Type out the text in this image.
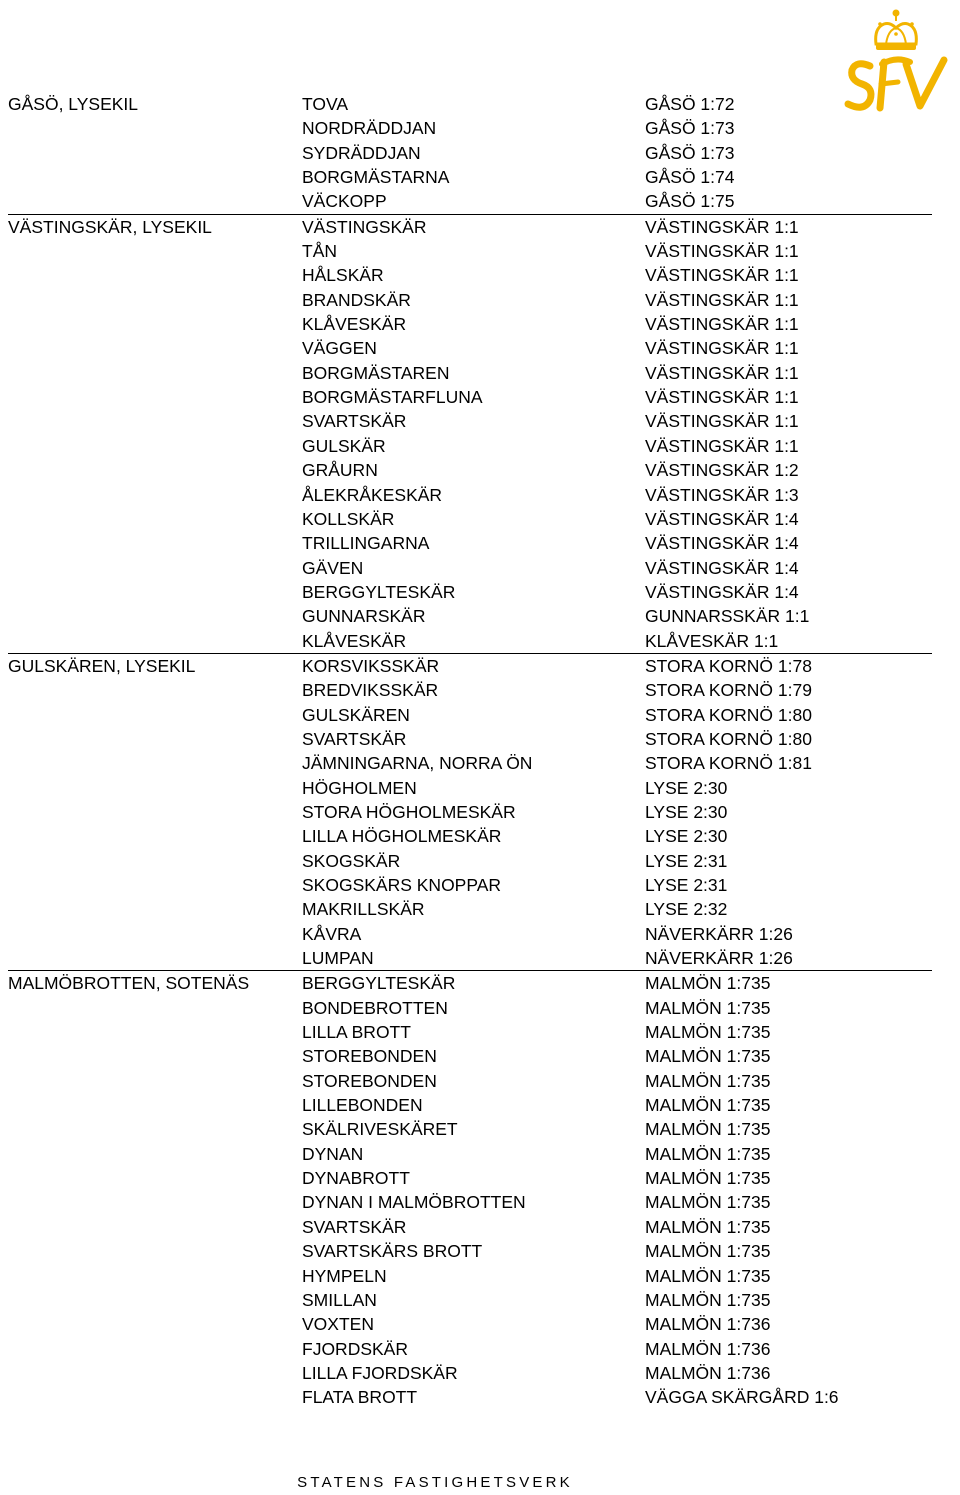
GÅSÖ, LYSEKIL	TOVA	GÅSÖ 1:72
NORDRÄDDJAN	GÅSÖ 1:73
SYDRÄDDJAN	GÅSÖ 1:73
BORGMÄSTARNA	GÅSÖ 1:74
VÄCKOPP	GÅSÖ 1:75
VÄSTINGSKÄR, LYSEKIL	VÄSTINGSKÄR	VÄSTINGSKÄR 1:1
TÅN	VÄSTINGSKÄR 1:1
HÅLSKÄR	VÄSTINGSKÄR 1:1
BRANDSKÄR	VÄSTINGSKÄR 1:1
KLÅVESKÄR	VÄSTINGSKÄR 1:1
VÄGGEN	VÄSTINGSKÄR 1:1
BORGMÄSTAREN	VÄSTINGSKÄR 1:1
BORGMÄSTARFLUNA	VÄSTINGSKÄR 1:1
SVARTSKÄR	VÄSTINGSKÄR 1:1
GULSKÄR	VÄSTINGSKÄR 1:1
GRÅURN	VÄSTINGSKÄR 1:2
ÅLEKRÅKESKÄR	VÄSTINGSKÄR 1:3
KOLLSKÄR	VÄSTINGSKÄR 1:4
TRILLINGARNA	VÄSTINGSKÄR 1:4
GÄVEN	VÄSTINGSKÄR 1:4
BERGGYLTESKÄR	VÄSTINGSKÄR 1:4
GUNNARSKÄR	GUNNARSSKÄR 1:1
KLÅVESKÄR	KLÅVESKÄR 1:1
GULSKÄREN, LYSEKIL	KORSVIKSSKÄR	STORA KORNÖ 1:78
BREDVIKSSKÄR	STORA KORNÖ 1:79
GULSKÄREN	STORA KORNÖ 1:80
SVARTSKÄR	STORA KORNÖ 1:80
JÄMNINGARNA, NORRA ÖN	STORA KORNÖ 1:81
HÖGHOLMEN	LYSE 2:30
STORA HÖGHOLMESKÄR	LYSE 2:30
LILLA HÖGHOLMESKÄR	LYSE 2:30
SKOGSKÄR	LYSE 2:31
SKOGSKÄRS KNOPPAR	LYSE 2:31
MAKRILLSKÄR	LYSE 2:32
KÅVRA	NÄVERKÄRR 1:26
LUMPAN	NÄVERKÄRR 1:26
MALMÖBROTTEN, SOTENÄS	BERGGYLTESKÄR	MALMÖN 1:735
BONDEBROTTEN	MALMÖN 1:735
LILLA BROTT	MALMÖN 1:735
STOREBONDEN	MALMÖN 1:735
STOREBONDEN	MALMÖN 1:735
LILLEBONDEN	MALMÖN 1:735
SKÄLRIVESKÄRET	MALMÖN 1:735
DYNAN	MALMÖN 1:735
DYNABROTT	MALMÖN 1:735
DYNAN I MALMÖBROTTEN	MALMÖN 1:735
SVARTSKÄR	MALMÖN 1:735
SVARTSKÄRS BROTT	MALMÖN 1:735
HYMPELN	MALMÖN 1:735
SMILLAN	MALMÖN 1:735
VOXTEN	MALMÖN 1:736
FJORDSKÄR	MALMÖN 1:736
LILLA FJORDSKÄR	MALMÖN 1:736
FLATA BROTT	VÄGGA SKÄRGÅRD 1:6
STATENS FASTIGHETSVERK
